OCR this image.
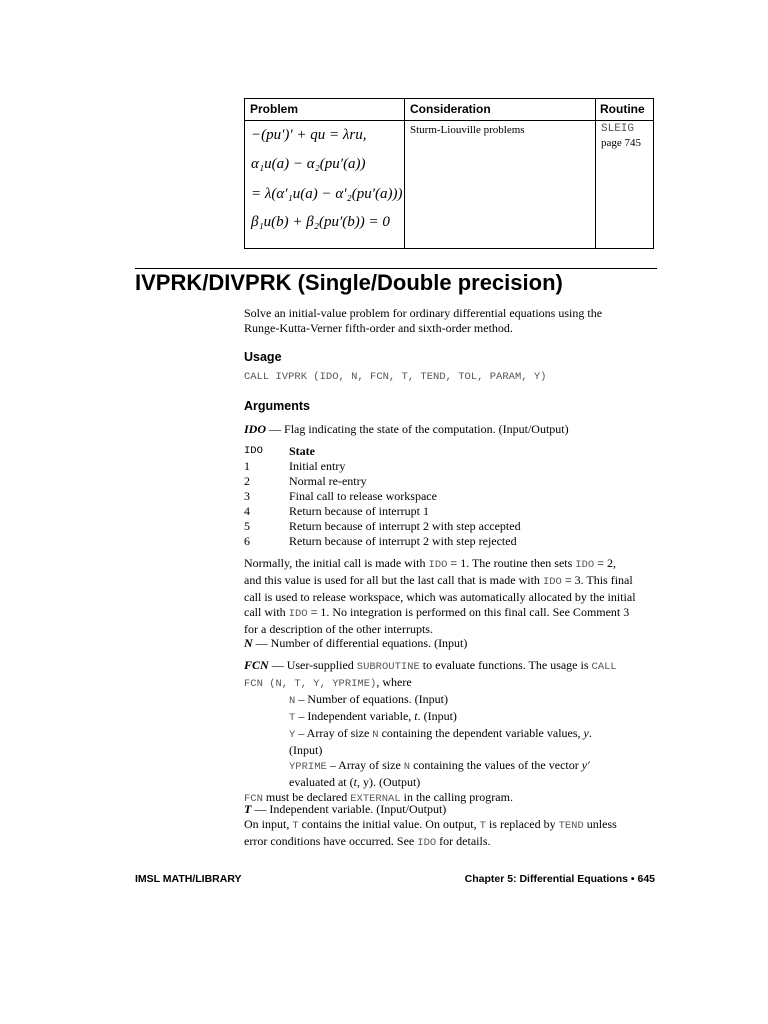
Problem	Consideration	Routine
−(pu′)′ + qu = λru,
α₁u(a) − α₂(pu′(a))
= λ(α′₁u(a) − α′₂(pu′(a)))
β₁u(b) + β₂(pu′(b)) = 0
Sturm-Liouville problems	SLEIG
page 745
IVPRK/DIVPRK (Single/Double precision)
Solve an initial-value problem for ordinary differential equations using the
Runge-Kutta-Verner fifth-order and sixth-order method.
Usage
CALL IVPRK (IDO, N, FCN, T, TEND, TOL, PARAM, Y)
Arguments
IDO — Flag indicating the state of the computation. (Input/Output)
IDO State
1	Initial entry
2	Normal re-entry
3	Final call to release workspace
4	Return because of interrupt 1
5	Return because of interrupt 2 with step accepted
6	Return because of interrupt 2 with step rejected
Normally, the initial call is made with IDO = 1. The routine then sets IDO = 2,
and this value is used for all but the last call that is made with IDO = 3. This final
call is used to release workspace, which was automatically allocated by the initial
call with IDO = 1. No integration is performed on this final call. See Comment 3
for a description of the other interrupts.
N — Number of differential equations. (Input)
FCN — User-supplied SUBROUTINE to evaluate functions. The usage is CALL
FCN (N, T, Y, YPRIME), where
N – Number of equations. (Input)
T – Independent variable, t. (Input)
Y – Array of size N containing the dependent variable values, y.
(Input)
YPRIME – Array of size N containing the values of the vector y′
evaluated at (t, y). (Output)
FCN must be declared EXTERNAL in the calling program.
T — Independent variable. (Input/Output)
On input, T contains the initial value. On output, T is replaced by TEND unless
error conditions have occurred. See IDO for details.
IMSL MATH/LIBRARY	Chapter 5: Differential Equations • 645
